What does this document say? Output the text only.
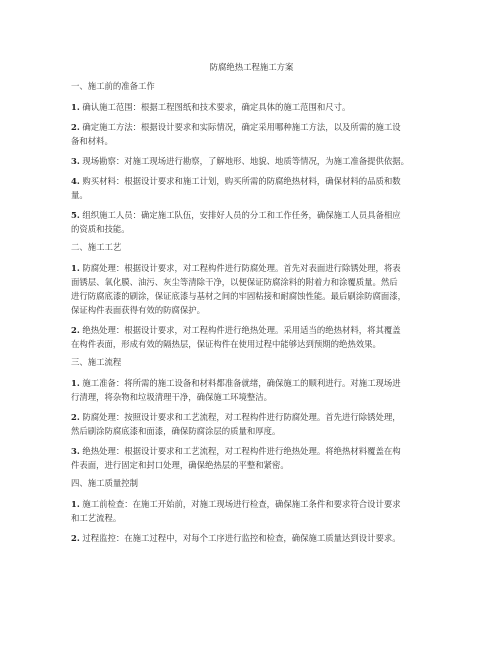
防腐绝热工程施工方案
一、施工前的准备工作
1. 确认施工范围：根据工程图纸和技术要求，确定具体的施工范围和尺寸。
2. 确定施工方法：根据设计要求和实际情况，确定采用哪种施工方法，以及所需的施工设
备和材料。
3. 现场勘察：对施工现场进行勘察，了解地形、地貌、地质等情况，为施工准备提供依据。
4. 购买材料：根据设计要求和施工计划，购买所需的防腐绝热材料，确保材料的品质和数
量。
5. 组织施工人员：确定施工队伍，安排好人员的分工和工作任务，确保施工人员具备相应
的资质和技能。
二、施工工艺
1. 防腐处理：根据设计要求，对工程构件进行防腐处理。首先对表面进行除锈处理，将表
面锈层、氧化膜、油污、灰尘等清除干净，以便保证防腐涂料的附着力和涂覆质量。然后
进行防腐底漆的刷涂，保证底漆与基材之间的牢固粘接和耐腐蚀性能。最后刷涂防腐面漆，
保证构件表面获得有效的防腐保护。
2. 绝热处理：根据设计要求，对工程构件进行绝热处理。采用适当的绝热材料，将其覆盖
在构件表面，形成有效的隔热层，保证构件在使用过程中能够达到预期的绝热效果。
三、施工流程
1. 施工准备：将所需的施工设备和材料都准备就绪，确保施工的顺利进行。对施工现场进
行清理，将杂物和垃圾清理干净，确保施工环境整洁。
2. 防腐处理：按照设计要求和工艺流程，对工程构件进行防腐处理。首先进行除锈处理，
然后刷涂防腐底漆和面漆，确保防腐涂层的质量和厚度。
3. 绝热处理：根据设计要求和工艺流程，对工程构件进行绝热处理。将绝热材料覆盖在构
件表面，进行固定和封口处理，确保绝热层的平整和紧密。
四、施工质量控制
1. 施工前检查：在施工开始前，对施工现场进行检查，确保施工条件和要求符合设计要求
和工艺流程。
2. 过程监控：在施工过程中，对每个工序进行监控和检查，确保施工质量达到设计要求。
